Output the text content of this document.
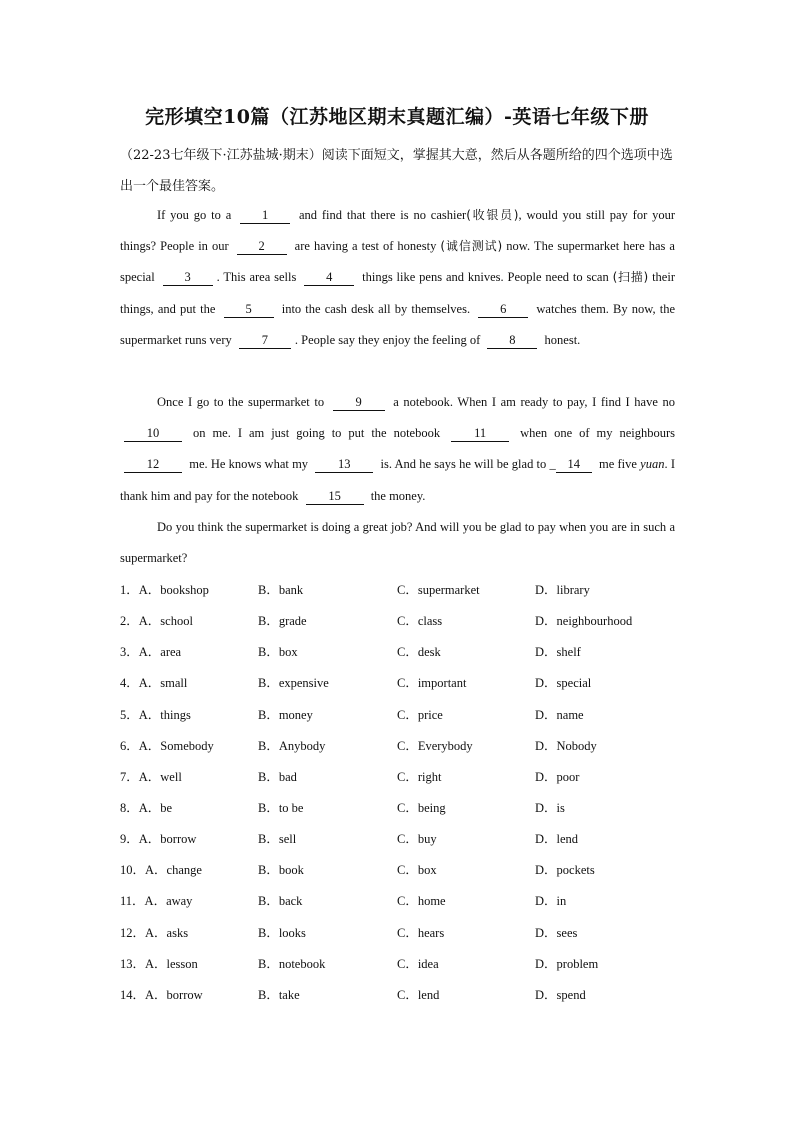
完形填空10篇（江苏地区期末真题汇编）-英语七年级下册
（22-23七年级下·江苏盐城·期末）阅读下面短文，掌握其大意，然后从各题所给的四个选项中选出一个最佳答案。
If you go to a 1 and find that there is no cashier(收银员), would you still pay for your things? People in our 2 are having a test of honesty (诚信测试) now. The supermarket here has a special 3 . This area sells 4 things like pens and knives. People need to scan (扫描) their things, and put the 5 into the cash desk all by themselves. 6 watches them. By now, the supermarket runs very 7 . People say they enjoy the feeling of 8 honest.
Once I go to the supermarket to	9	a notebook. When I am ready to pay, I find I have no 10	on me. I am just going to put the notebook	11	when one of my neighbours 12 me. He knows what my 13 is. And he says he will be glad to _ 14 me five yuan. I thank him and pay for the notebook 15 the money.
Do you think the supermarket is doing a great job? And will you be glad to pay when you are in such a supermarket?
1．A．bookshop	B．bank	C．supermarket	D．library
2．A．school	B．grade	C．class	D．neighbourhood
3．A．area	B．box	C．desk	D．shelf
4．A．small	B．expensive	C．important	D．special
5．A．things	B．money	C．price	D．name
6．A．Somebody	B．Anybody	C．Everybody	D．Nobody
7．A．well	B．bad	C．right	D．poor
8．A．be	B．to be	C．being	D．is
9．A．borrow	B．sell	C．buy	D．lend
10．A．change	B．book	C．box	D．pockets
11．A．away	B．back	C．home	D．in
12．A．asks	B．looks	C．hears	D．sees
13．A．lesson	B．notebook	C．idea	D．problem
14．A．borrow	B．take	C．lend	D．spend
